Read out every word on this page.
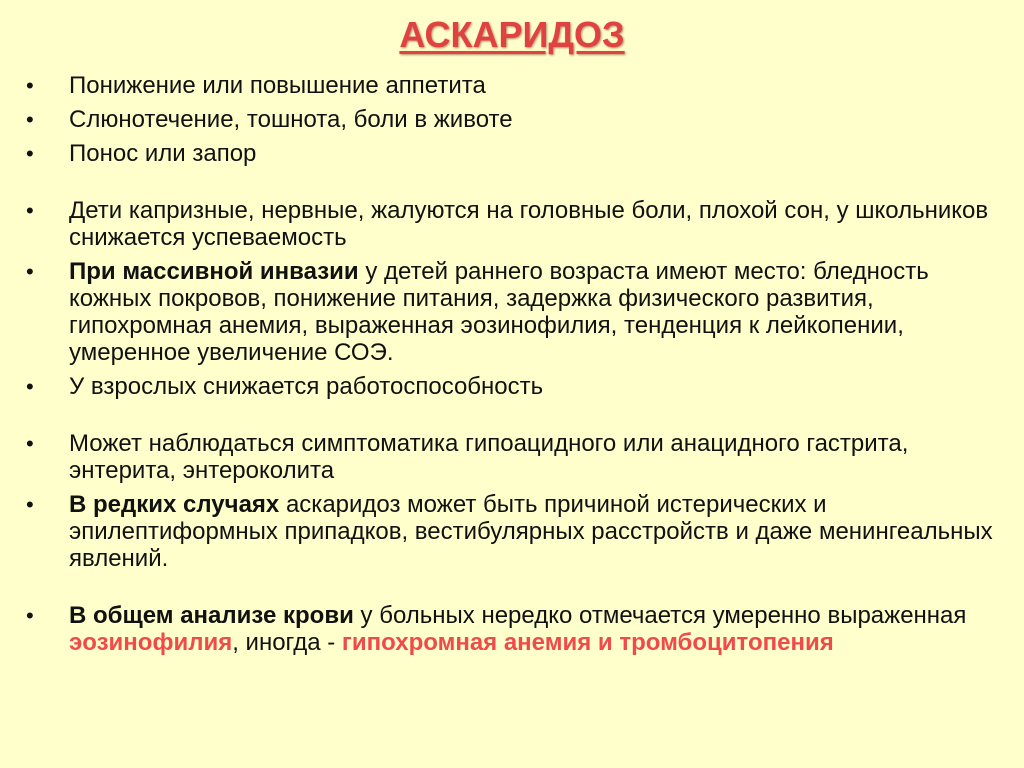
АСКАРИДОЗ
•	Понижение или повышение аппетита
•	Слюнотечение, тошнота, боли в животе
•	Понос или запор
•	Дети капризные, нервные, жалуются на головные боли, плохой сон, у школьников снижается успеваемость
•	При массивной инвазии у детей раннего возраста имеют место: бледность кожных покровов, понижение питания, задержка физического развития, гипохромная анемия, выраженная эозинофилия, тенденция к лейкопении, умеренное увеличение СОЭ.
•	У взрослых снижается работоспособность
•	Может наблюдаться симптоматика гипоацидного или анацидного гастрита, энтерита, энтероколита
•	В редких случаях аскаридоз может быть причиной истерических и эпилептиформных припадков, вестибулярных расстройств и даже менингеальных явлений.
•	В общем анализе крови у больных нередко отмечается умеренно выраженная эозинофилия, иногда - гипохромная анемия и тромбоцитопения
